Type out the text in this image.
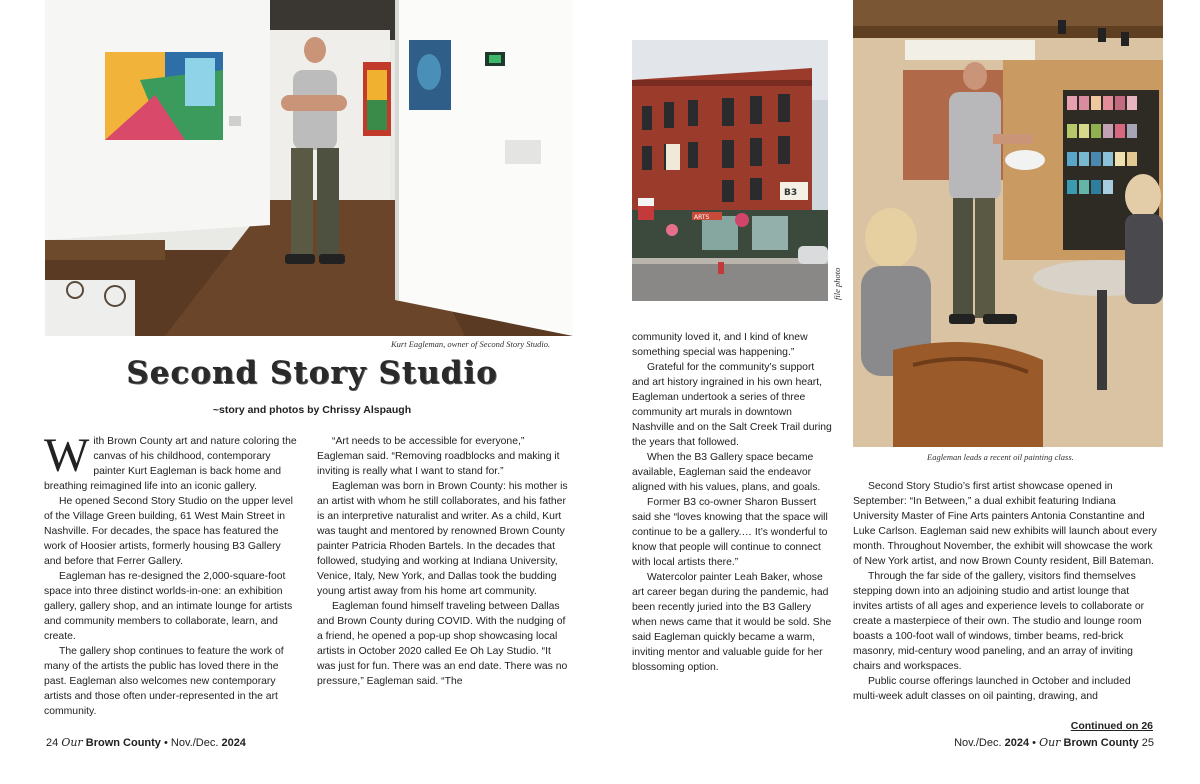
Kurt Eagleman, owner of Second Story Studio.
B3
ARTS
file photo
Eagleman leads a recent oil painting class.
Second Story Studio
~story and photos by Chrissy Alspaugh

With Brown County art and nature coloring the canvas of his childhood, contemporary painter Kurt Eagleman is back home and breathing reimagined life into an iconic gallery.

He opened Second Story Studio on the upper level of the Village Green building, 61 West Main Street in Nashville. For decades, the space has featured the work of Hoosier artists, formerly housing B3 Gallery and before that Ferrer Gallery.

Eagleman has re-designed the 2,000-square-foot space into three distinct worlds-in-one: an exhibition gallery, gallery shop, and an intimate lounge for artists and community members to collaborate, learn, and create.

The gallery shop continues to feature the work of many of the artists the public has loved there in the past. Eagleman also welcomes new contemporary artists and those often under-represented in the art community.

“Art needs to be accessible for everyone,” Eagleman said. “Removing roadblocks and making it inviting is really what I want to stand for.”

Eagleman was born in Brown County: his mother is an artist with whom he still collaborates, and his father is an interpretive naturalist and writer. As a child, Kurt was taught and mentored by renowned Brown County painter Patricia Rhoden Bartels. In the decades that followed, studying and working at Indiana University, Venice, Italy, New York, and Dallas took the budding young artist away from his home art community.

Eagleman found himself traveling between Dallas and Brown County during COVID. With the nudging of a friend, he opened a pop-up shop showcasing local artists in October 2020 called Ee Oh Lay Studio. “It was just for fun. There was an end date. There was no pressure,” Eagleman said. “The

community loved it, and I kind of knew something special was happening.”

Grateful for the community’s support and art history ingrained in his own heart, Eagleman undertook a series of three community art murals in downtown Nashville and on the Salt Creek Trail during the years that followed.

When the B3 Gallery space became available, Eagleman said the endeavor aligned with his values, plans, and goals.

Former B3 co-owner Sharon Bussert said she “loves knowing that the space will continue to be a gallery.… It’s wonderful to know that people will continue to connect with local artists there.”

Watercolor painter Leah Baker, whose art career began during the pandemic, had been recently juried into the B3 Gallery when news came that it would be sold. She said Eagleman quickly became a warm, inviting mentor and valuable guide for her blossoming option.

Second Story Studio’s first artist showcase opened in September: “In Between,” a dual exhibit featuring Indiana University Master of Fine Arts painters Antonia Constantine and Luke Carlson. Eagleman said new exhibits will launch about every month. Throughout November, the exhibit will showcase the work of New York artist, and now Brown County resident, Bill Bateman.

Through the far side of the gallery, visitors find themselves stepping down into an adjoining studio and artist lounge that invites artists of all ages and experience levels to collaborate or create a masterpiece of their own. The studio and lounge room boasts a 100-foot wall of windows, timber beams, red-brick masonry, mid-century wood paneling, and an array of inviting chairs and workspaces.

Public course offerings launched in October and included multi-week adult classes on oil painting, drawing, and

Continued on 26
24 Our Brown County • Nov./Dec. 2024	Nov./Dec. 2024 • Our Brown County 25
